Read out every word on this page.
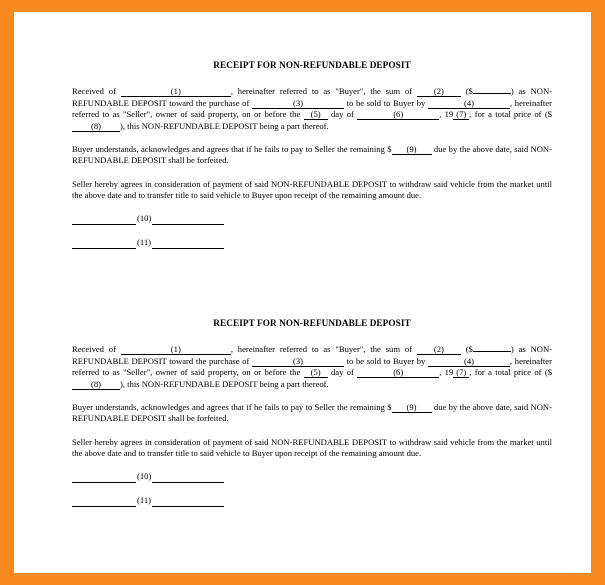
RECEIPT FOR NON-REFUNDABLE DEPOSIT
Received of	(1)	, hereinafter referred to as "Buyer", the sum of	(2)	($	) as NON-REFUNDABLE DEPOSIT toward the purchase of	(3)	to be sold to Buyer by	(4)	, hereinafter referred to as "Seller", owner of said property, on or before the (5) day of	(6)	, 19 (7) , for a total price of ($(8) ), this NON-REFUNDABLE DEPOSIT being a part thereof.
Buyer understands, acknowledges and agrees that if he fails to pay to Seller the remaining $ (9) due by the above date, said NON-REFUNDABLE DEPOSIT shall be forfeited.
Seller hereby agrees in consideration of payment of said NON-REFUNDABLE DEPOSIT to withdraw said vehicle from the market until the above date and to transfer title to said vehicle to Buyer upon receipt of the remaining amount due.
(10)
(11)
RECEIPT FOR NON-REFUNDABLE DEPOSIT
Received of	(1)	, hereinafter referred to as "Buyer", the sum of	(2)	($	) as NON-REFUNDABLE DEPOSIT toward the purchase of	(3)	to be sold to Buyer by	(4)	, hereinafter referred to as "Seller", owner of said property, on or before the (5) day of	(6)	, 19 (7) , for a total price of ($(8) ), this NON-REFUNDABLE DEPOSIT being a part thereof.
Buyer understands, acknowledges and agrees that if he fails to pay to Seller the remaining $ (9) due by the above date, said NON-REFUNDABLE DEPOSIT shall be forfeited.
Seller hereby agrees in consideration of payment of said NON-REFUNDABLE DEPOSIT to withdraw said vehicle from the market until the above date and to transfer title to said vehicle to Buyer upon receipt of the remaining amount due.
(10)
(11)
